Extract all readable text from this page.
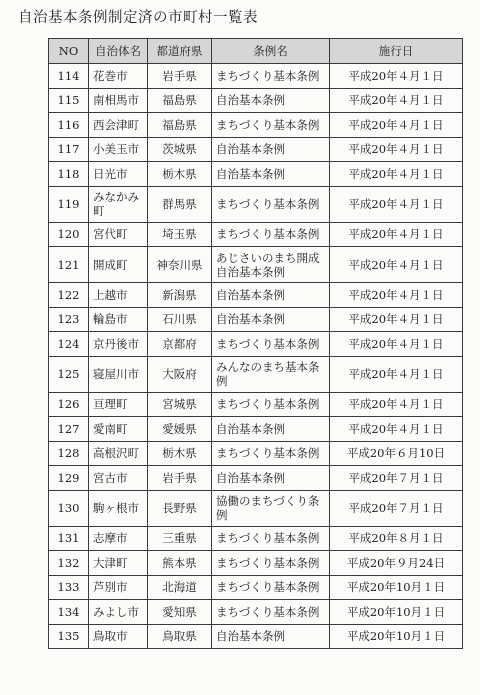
自治基本条例制定済の市町村一覧表
NO	自治体名	都道府県	条例名	施行日
114	花巻市	岩手県	まちづくり基本条例	平成20年４月１日
115	南相馬市	福島県	自治基本条例	平成20年４月１日
116	西会津町	福島県	まちづくり基本条例	平成20年４月１日
117	小美玉市	茨城県	自治基本条例	平成20年４月１日
118	日光市	栃木県	自治基本条例	平成20年４月１日
119	みなかみ町	群馬県	まちづくり基本条例	平成20年４月１日
120	宮代町	埼玉県	まちづくり基本条例	平成20年４月１日
121	開成町	神奈川県	あじさいのまち開成自治基本条例	平成20年４月１日
122	上越市	新潟県	自治基本条例	平成20年４月１日
123	輪島市	石川県	自治基本条例	平成20年４月１日
124	京丹後市	京都府	まちづくり基本条例	平成20年４月１日
125	寝屋川市	大阪府	みんなのまち基本条例	平成20年４月１日
126	亘理町	宮城県	まちづくり基本条例	平成20年４月１日
127	愛南町	愛媛県	自治基本条例	平成20年４月１日
128	高根沢町	栃木県	まちづくり基本条例	平成20年６月10日
129	宮古市	岩手県	自治基本条例	平成20年７月１日
130	駒ヶ根市	長野県	協働のまちづくり条例	平成20年７月１日
131	志摩市	三重県	まちづくり基本条例	平成20年８月１日
132	大津町	熊本県	まちづくり基本条例	平成20年９月24日
133	芦別市	北海道	まちづくり基本条例	平成20年10月１日
134	みよし市	愛知県	まちづくり基本条例	平成20年10月１日
135	鳥取市	鳥取県	自治基本条例	平成20年10月１日
